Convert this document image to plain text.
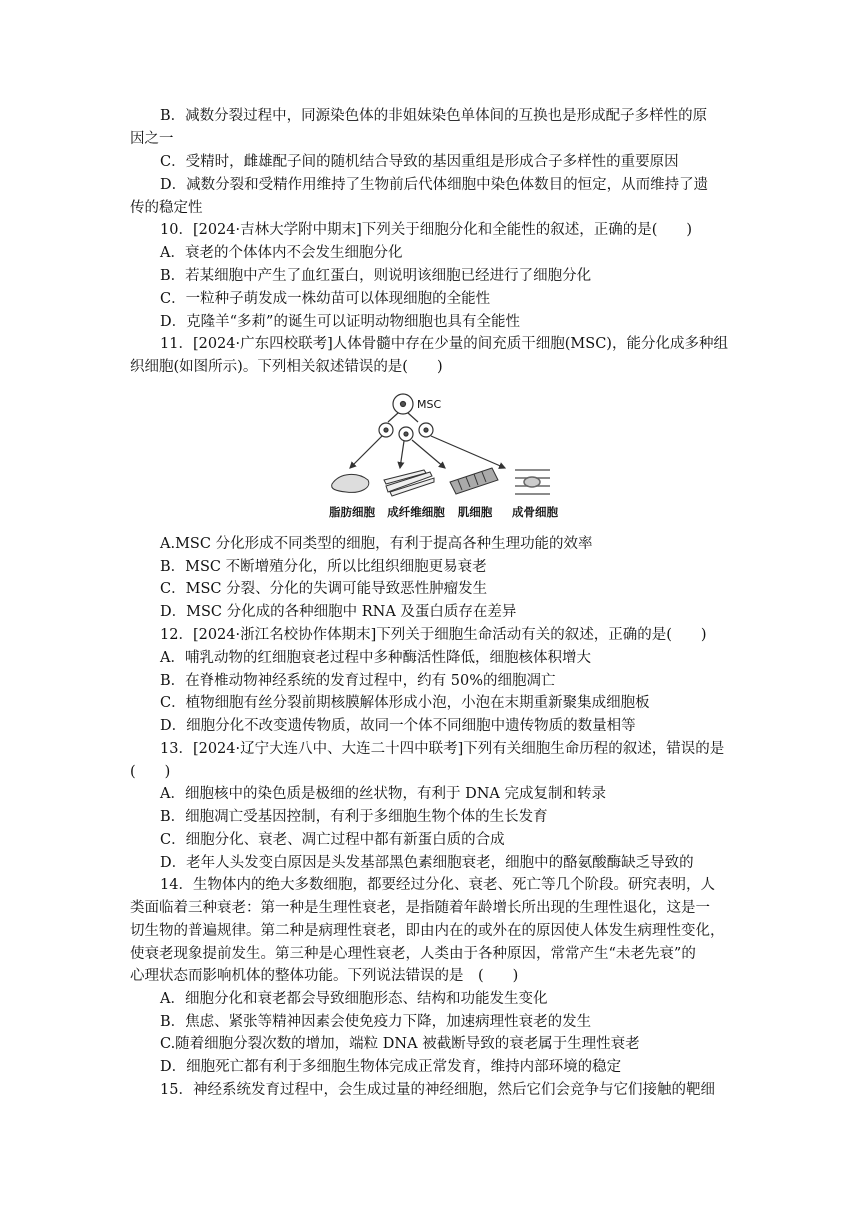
B．减数分裂过程中，同源染色体的非姐妹染色单体间的互换也是形成配子多样性的原
因之一
C．受精时，雌雄配子间的随机结合导致的基因重组是形成合子多样性的重要原因
D．减数分裂和受精作用维持了生物前后代体细胞中染色体数目的恒定，从而维持了遗
传的稳定性
10．[2024·吉林大学附中期末]下列关于细胞分化和全能性的叙述，正确的是(　　)
A．衰老的个体体内不会发生细胞分化
B．若某细胞中产生了血红蛋白，则说明该细胞已经进行了细胞分化
C．一粒种子萌发成一株幼苗可以体现细胞的全能性
D．克隆羊“多莉”的诞生可以证明动物细胞也具有全能性
11．[2024·广东四校联考]人体骨髓中存在少量的间充质干细胞(MSC)，能分化成多种组
织细胞(如图所示)。下列相关叙述错误的是(　　)
MSC
脂肪细胞 成纤维细胞 肌细胞 成骨细胞
A.MSC 分化形成不同类型的细胞，有利于提高各种生理功能的效率
B．MSC 不断增殖分化，所以比组织细胞更易衰老
C．MSC 分裂、分化的失调可能导致恶性肿瘤发生
D．MSC 分化成的各种细胞中 RNA 及蛋白质存在差异
12．[2024·浙江名校协作体期末]下列关于细胞生命活动有关的叙述，正确的是(　　)
A．哺乳动物的红细胞衰老过程中多种酶活性降低，细胞核体积增大
B．在脊椎动物神经系统的发育过程中，约有 50%的细胞凋亡
C．植物细胞有丝分裂前期核膜解体形成小泡，小泡在末期重新聚集成细胞板
D．细胞分化不改变遗传物质，故同一个体不同细胞中遗传物质的数量相等
13．[2024·辽宁大连八中、大连二十四中联考]下列有关细胞生命历程的叙述，错误的是
(　　)
A．细胞核中的染色质是极细的丝状物，有利于 DNA 完成复制和转录
B．细胞凋亡受基因控制，有利于多细胞生物个体的生长发育
C．细胞分化、衰老、凋亡过程中都有新蛋白质的合成
D．老年人头发变白原因是头发基部黑色素细胞衰老，细胞中的酪氨酸酶缺乏导致的
14．生物体内的绝大多数细胞，都要经过分化、衰老、死亡等几个阶段。研究表明，人
类面临着三种衰老：第一种是生理性衰老，是指随着年龄增长所出现的生理性退化，这是一
切生物的普遍规律。第二种是病理性衰老，即由内在的或外在的原因使人体发生病理性变化，
使衰老现象提前发生。第三种是心理性衰老，人类由于各种原因，常常产生“未老先衰”的
心理状态而影响机体的整体功能。下列说法错误的是　(　　)
A．细胞分化和衰老都会导致细胞形态、结构和功能发生变化
B．焦虑、紧张等精神因素会使免疫力下降，加速病理性衰老的发生
C.随着细胞分裂次数的增加，端粒 DNA 被截断导致的衰老属于生理性衰老
D．细胞死亡都有利于多细胞生物体完成正常发育，维持内部环境的稳定
15．神经系统发育过程中，会生成过量的神经细胞，然后它们会竞争与它们接触的靶细
